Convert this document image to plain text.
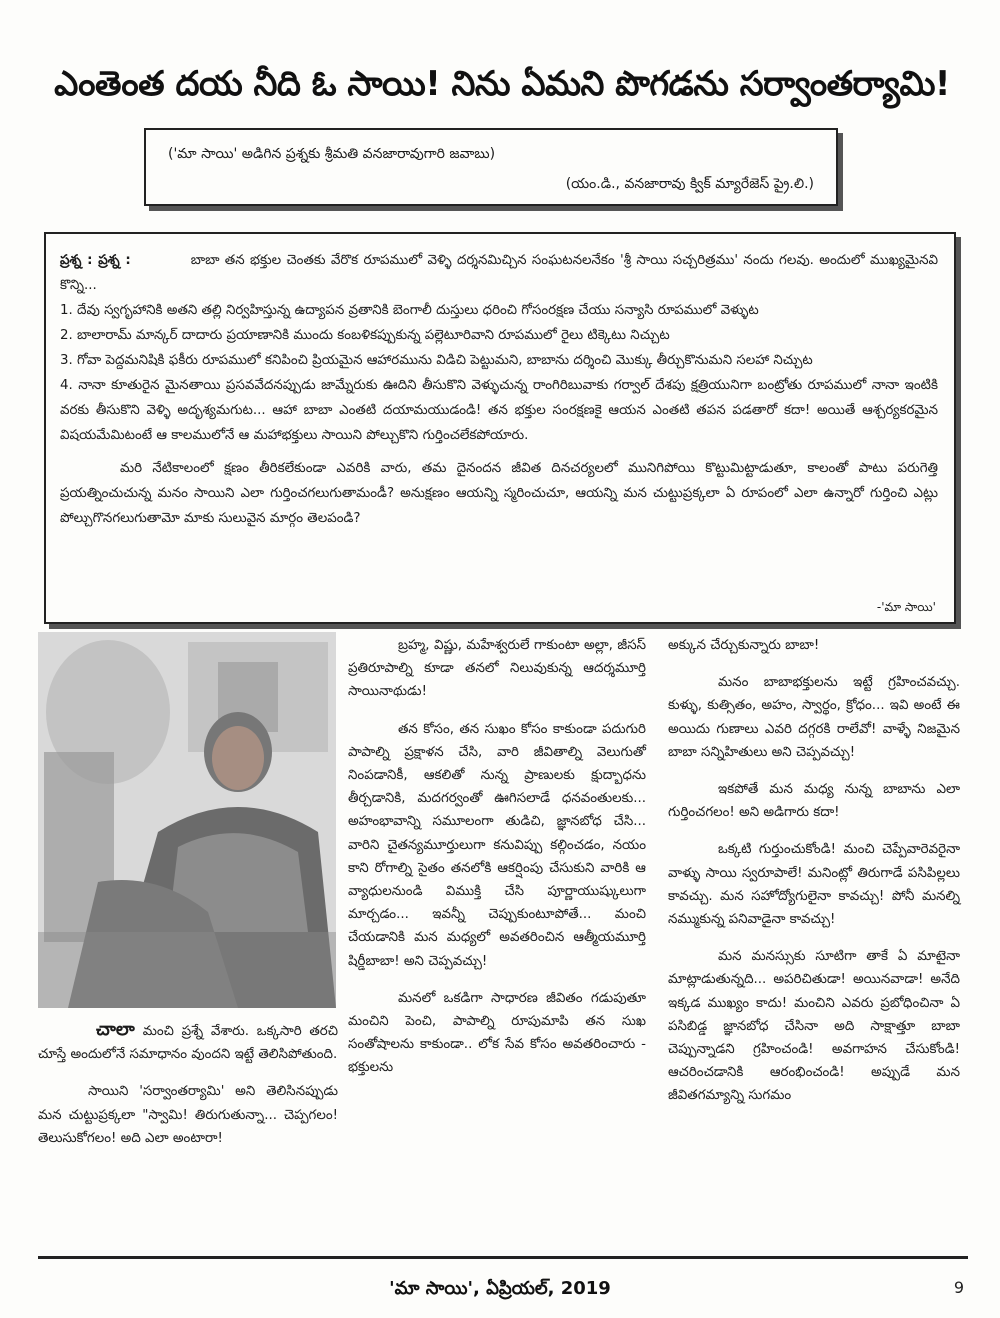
ఎంతెంత దయ నీది ఓ సాయి! నిను ఏమని పొగడను సర్వాంతర్యామి!
('మా సాయి' అడిగిన ప్రశ్నకు శ్రీమతి వనజారావుగారి జవాబు)
(యం.డి., వనజారావు క్విక్ మ్యారేజెస్ ప్రై.లి.)

ప్రశ్న : ప్రశ్న :	బాబా తన భక్తుల చెంతకు వేరొక రూపములో వెళ్ళి దర్శనమిచ్చిన సంఘటనలనేకం 'శ్రీ సాయి సచ్చరిత్రము' నందు గలవు. అందులో ముఖ్యమైనవి కొన్ని...

1. దేవు స్వగృహానికి అతని తల్లి నిర్వహిస్తున్న ఉద్యాపన వ్రతానికి బెంగాలీ దుస్తులు ధరించి గోసంరక్షణ చేయు సన్యాసి రూపములో వెళ్ళుట

2. బాలారామ్ మాన్కర్ దాదారు ప్రయాణానికి ముందు కంబళికప్పుకున్న పల్లెటూరివాని రూపములో రైలు టిక్కెటు నిచ్చుట

3. గోవా పెద్దమనిషికి ఫకీరు రూపములో కనిపించి ప్రియమైన ఆహారమును విడిచి పెట్టుమని, బాబాను దర్శించి మొక్కు తీర్చుకొనుమని సలహా నిచ్చుట

4. నానా కూతురైన మైనతాయి ప్రసవవేదనప్పుడు జామ్నేరుకు ఊదిని తీసుకొని వెళ్ళుచున్న రాంగిరిబువాకు గర్వాల్ దేశపు క్షత్రియునిగా బంట్రోతు రూపములో నానా ఇంటికి వరకు తీసుకొని వెళ్ళి అదృశ్యమగుట... ఆహా బాబా ఎంతటి దయామయుడండి! తన భక్తుల సంరక్షణకై ఆయన ఎంతటి తపన పడతారో కదా! అయితే ఆశ్చర్యకరమైన విషయమేమిటంటే ఆ కాలములోనే ఆ మహాభక్తులు సాయిని పోల్చుకొని గుర్తించలేకపోయారు.

మరి నేటికాలంలో క్షణం తీరికలేకుండా ఎవరికి వారు, తమ దైనందన జీవిత దినచర్యలలో మునిగిపోయి కొట్టుమిట్టాడుతూ, కాలంతో పాటు పరుగెత్తి ప్రయత్నించుచున్న మనం సాయిని ఎలా గుర్తించగలుగుతామండీ? అనుక్షణం ఆయన్ని స్మరించుచూ, ఆయన్ని మన చుట్టుప్రక్కలా ఏ రూపంలో ఎలా ఉన్నారో గుర్తించి ఎట్లు పోల్చుగొనగలుగుతామో మాకు సులువైన మార్గం తెలపండి?

-'మా సాయి'

చాలా మంచి ప్రశ్నే వేశారు. ఒక్కసారి తరచి చూస్తే అందులోనే సమాధానం వుందని ఇట్టే తెలిసిపోతుంది.

సాయిని 'సర్వాంతర్యామి' అని తెలిసినప్పుడు మన చుట్టుప్రక్కలా "స్వామి! తిరుగుతున్నా... చెప్పగలం! తెలుసుకోగలం! అది ఎలా అంటారా!

బ్రహ్మ, విష్ణు, మహేశ్వరులే గాకుంటా అల్లా, జీసస్ ప్రతిరూపాల్ని కూడా తనలో నిలువుకున్న ఆదర్శమూర్తి సాయినాథుడు!

తన కోసం, తన సుఖం కోసం కాకుండా పదుగురి పాపాల్ని ప్రక్షాళన చేసి, వారి జీవితాల్ని వెలుగుతో నింపడానికీ, ఆకలితో నున్న ప్రాణులకు క్షుద్బాధను తీర్చడానికి, మదగర్వంతో ఊగిసలాడే ధనవంతులకు... అహంభావాన్ని సమూలంగా తుడిచి, జ్ఞానబోధ చేసి... వారిని చైతన్యమూర్తులుగా కనువిప్పు కల్గించడం, నయం కాని రోగాల్ని సైతం తనలోకి ఆకర్షింపు చేసుకుని వారికి ఆ వ్యాధులనుండి విముక్తి చేసి పూర్ణాయుష్కులుగా మార్చడం... ఇవన్నీ చెప్పుకుంటూపోతే... మంచి చేయడానికి మన మధ్యలో అవతరించిన ఆత్మీయమూర్తి షిర్డీబాబా! అని చెప్పవచ్చు!

మనలో ఒకడిగా సాధారణ జీవితం గడుపుతూ మంచిని పెంచి, పాపాల్ని రూపుమాపి తన సుఖ సంతోషాలను కాకుండా.. లోక సేవ కోసం అవతరించారు - భక్తులను

అక్కున చేర్చుకున్నారు బాబా!

మనం బాబాభక్తులను ఇట్టే గ్రహించవచ్చు. కుళ్ళు, కుత్సితం, అహం, స్వార్థం, క్రోధం... ఇవి అంటే ఈ అయిదు గుణాలు ఎవరి దగ్గరకి రాలేవో! వాళ్ళే నిజమైన బాబా సన్నిహితులు అని చెప్పవచ్చు!

ఇకపోతే మన మధ్య నున్న బాబాను ఎలా గుర్తించగలం! అని అడిగారు కదా!

ఒక్కటి గుర్తుంచుకోండి! మంచి చెప్పేవారెవరైనా వాళ్ళు సాయి స్వరూపాలే! మనింట్లో తిరుగాడే పసిపిల్లలు కావచ్చు. మన సహోద్యోగులైనా కావచ్చు! పోనీ మనల్ని నమ్ముకున్న పనివాడైనా కావచ్చు!

మన మనస్సుకు సూటిగా తాకే ఏ మాటైనా మాట్లాడుతున్నది... అపరిచితుడా! అయినవాడా! అనేది ఇక్కడ ముఖ్యం కాదు! మంచిని ఎవరు ప్రబోధించినా ఏ పసిబిడ్డ జ్ఞానబోధ చేసినా అది సాక్షాత్తూ బాబా చెప్పున్నాడని గ్రహించండి! అవగాహన చేసుకోండి! ఆచరించడానికి ఆరంభించండి! అప్పుడే మన జీవితగమ్యాన్ని సుగమం

'మా సాయి', ఏప్రియల్, 2019	9
